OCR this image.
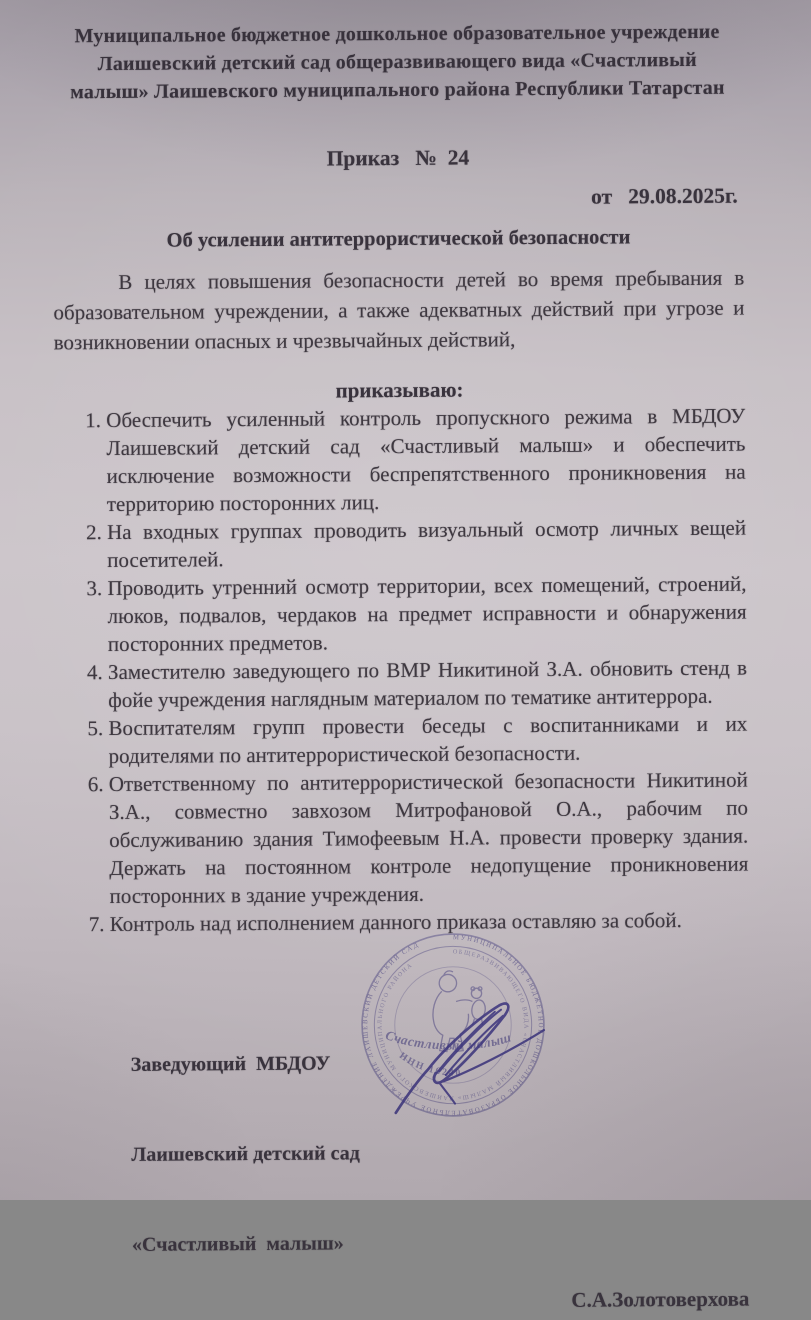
Муниципальное бюджетное дошкольное образовательное учреждение
Лаишевский детский сад общеразвивающего вида «Счастливый
малыш» Лаишевского муниципального района Республики Татарстан
Приказ   №  24
от   29.08.2025г.
Об усилении антитеррористической безопасности

В целях повышения безопасности детей во время пребывания в образовательном учреждении, а также адекватных действий при угрозе и возникновении опасных и чрезвычайных действий,

приказываю:
1. Обеспечить усиленный контроль пропускного режима в МБДОУ Лаишевский детский сад «Счастливый малыш» и обеспечить исключение возможности беспрепятственного проникновения на территорию посторонних лиц.
2. На входных группах проводить визуальный осмотр личных вещей посетителей.
3. Проводить утренний осмотр территории, всех помещений, строений, люков, подвалов, чердаков на предмет исправности и обнаружения посторонних предметов.
4. Заместителю заведующего по ВМР Никитиной З.А. обновить стенд в фойе учреждения наглядным материалом по тематике антитеррора.
5. Воспитателям групп провести беседы с воспитанниками и их родителями по антитеррористической безопасности.
6. Ответственному по антитеррористической безопасности Никитиной З.А., совместно завхозом Митрофановой О.А., рабочим по обслуживанию здания Тимофеевым Н.А. провести проверку здания. Держать на постоянном контроле недопущение проникновения посторонних в здание учреждения.
7. Контроль над исполнением данного приказа оставляю за собой.

Заведующий  МБДОУ

Лаишевский детский сад

«Счастливый  малыш»

С.А.Золотоверхова
МУНИЦИПАЛЬНОЕ БЮДЖЕТНОЕ ДОШКОЛЬНОЕ ОБРАЗОВАТЕЛЬНОЕ УЧРЕЖДЕНИЕ ЛАИШЕВСКИЙ ДЕТСКИЙ САД
ОБЩЕРАЗВИВАЮЩЕГО ВИДА «СЧАСТЛИВЫЙ МАЛЫШ» ЛАИШЕВСКОГО МУНИЦИПАЛЬНОГО РАЙОНА
Счастливый малыш
ИНН 16240
